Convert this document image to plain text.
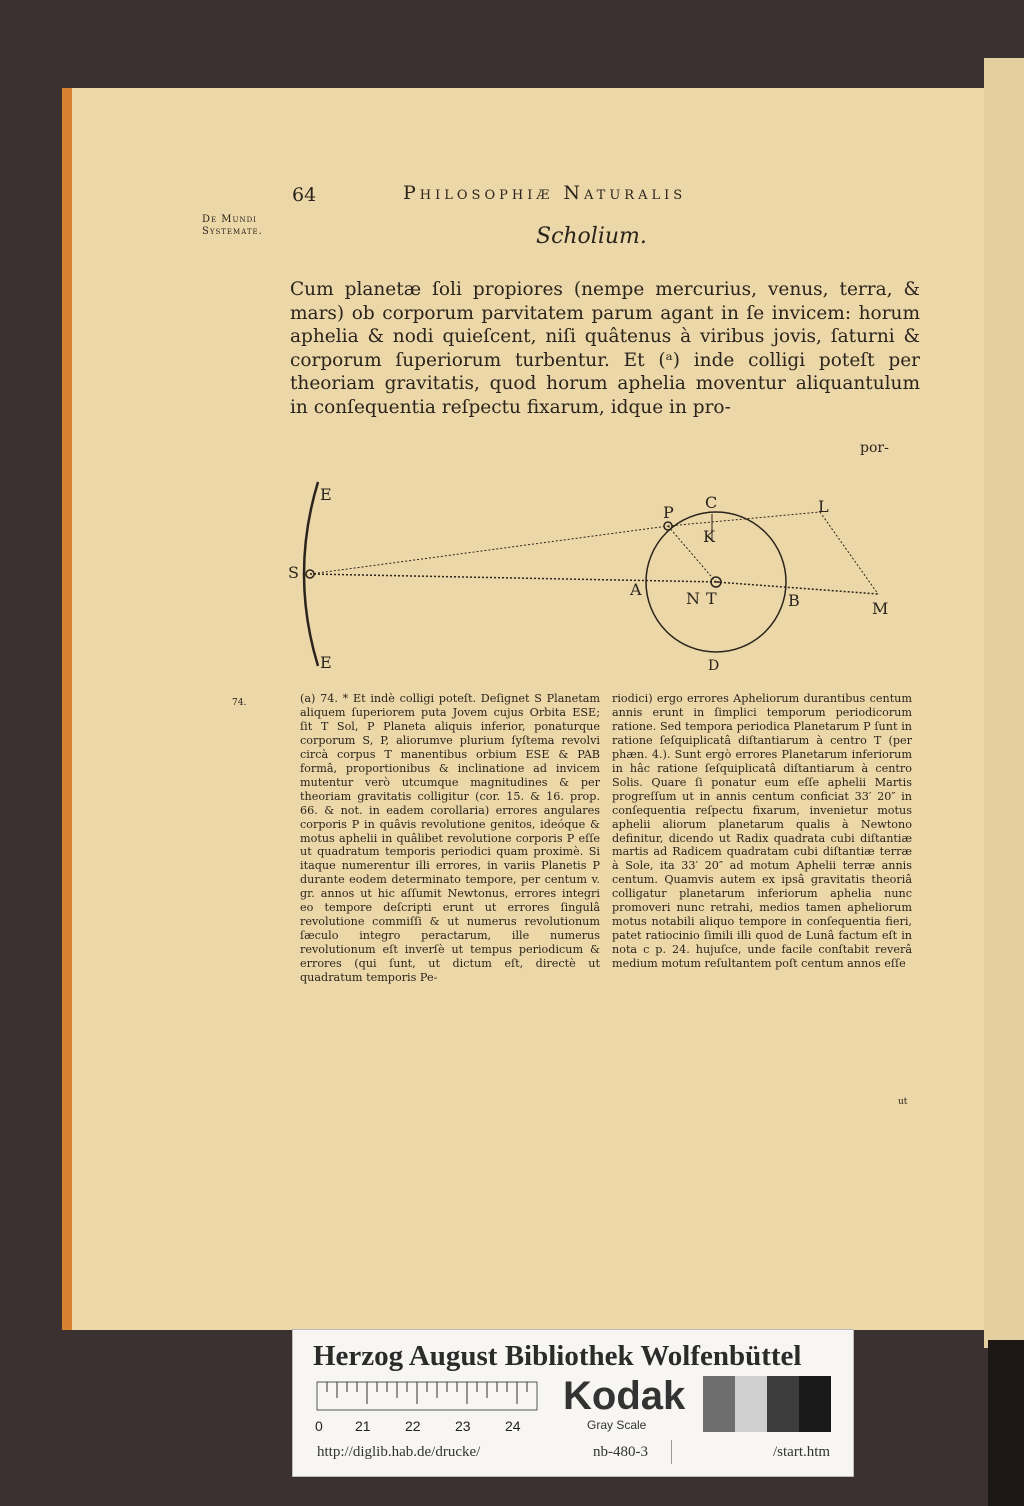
64	Philosophiæ Naturalis
De Mundi Systemate.	Scholium.
Cum planetæ ſoli propiores (nempe mercurius, venus, terra, & mars) ob corporum parvitatem parum agant in ſe invicem: horum aphelia & nodi quieſcent, niſi quâtenus à viribus jovis, ſaturni & corporum ſuperiorum turbentur. Et (ᵃ) inde colligi poteſt per theoriam gravitatis, quod horum aphelia moventur aliquantulum in conſequentia reſpectu fixarum, idque in pro-
por-
E
S
E
P
A
K
C	L
N T	B	M
D
74.	(a) 74. * Et indè colligi poteſt. Deſignet S Planetam aliquem ſuperiorem puta Jovem cujus Orbita ESE; ſit T Sol, P Planeta aliquis inferior, ponaturque corporum S, P, aliorumve plurium ſyſtema revolvi circà corpus T manentibus orbium ESE & PAB formâ, proportionibus & inclinatione ad invicem mutentur verò utcumque magnitudines & per theoriam gravitatis colligitur (cor. 15. & 16. prop. 66. & not. in eadem corollaria) errores angulares corporis P in quâvis revolutione genitos, ideóque & motus aphelii in quâlibet revolutione corporis P eſſe ut quadratum temporis periodici quam proximè. Si itaque numerentur illi errores, in variis Planetis P durante eodem determinato tempore, per centum v. gr. annos ut hic aſſumit Newtonus, errores integri eo tempore deſcripti erunt ut errores ſingulâ revolutione commiſſi & ut numerus revolutionum ſæculo integro peractarum, ille numerus revolutionum eſt inverſè ut tempus periodicum & errores (qui ſunt, ut dictum eſt, directè ut quadratum temporis Pe-
riodici) ergo errores Apheliorum durantibus centum annis erunt in ſimplici temporum periodicorum ratione. Sed tempora periodica Planetarum P ſunt in ratione ſeſquiplicatâ diſtantiarum à centro T (per phæn. 4.). Sunt ergò errores Planetarum inferiorum in hâc ratione ſeſquiplicatâ diſtantiarum à centro Solis. Quare ſi ponatur eum eſſe aphelii Martis progreſſum ut in annis centum conficiat 33′ 20″ in conſequentia reſpectu fixarum, invenietur motus aphelii aliorum planetarum qualis à Newtono definitur, dicendo ut Radix quadrata cubi diſtantiæ martis ad Radicem quadratam cubi diſtantiæ terræ à Sole, ita 33′ 20″ ad motum Aphelii terræ annis centum. Quamvis autem ex ipsâ gravitatis theoriâ colligatur planetarum inferiorum aphelia nunc promoveri nunc retrahi, medios tamen apheliorum motus notabili aliquo tempore in conſequentia fieri, patet ratiocinio ſimili illi quod de Lunâ factum eſt in nota c p. 24. hujuſce, unde facile conſtabit reverâ medium motum reſultantem poſt centum annos eſſe
ut
Herzog August Bibliothek Wolfenbüttel
0 21 22 23 24
Kodak
Gray Scale
http://diglib.hab.de/drucke/	nb-480-3	/start.htm
